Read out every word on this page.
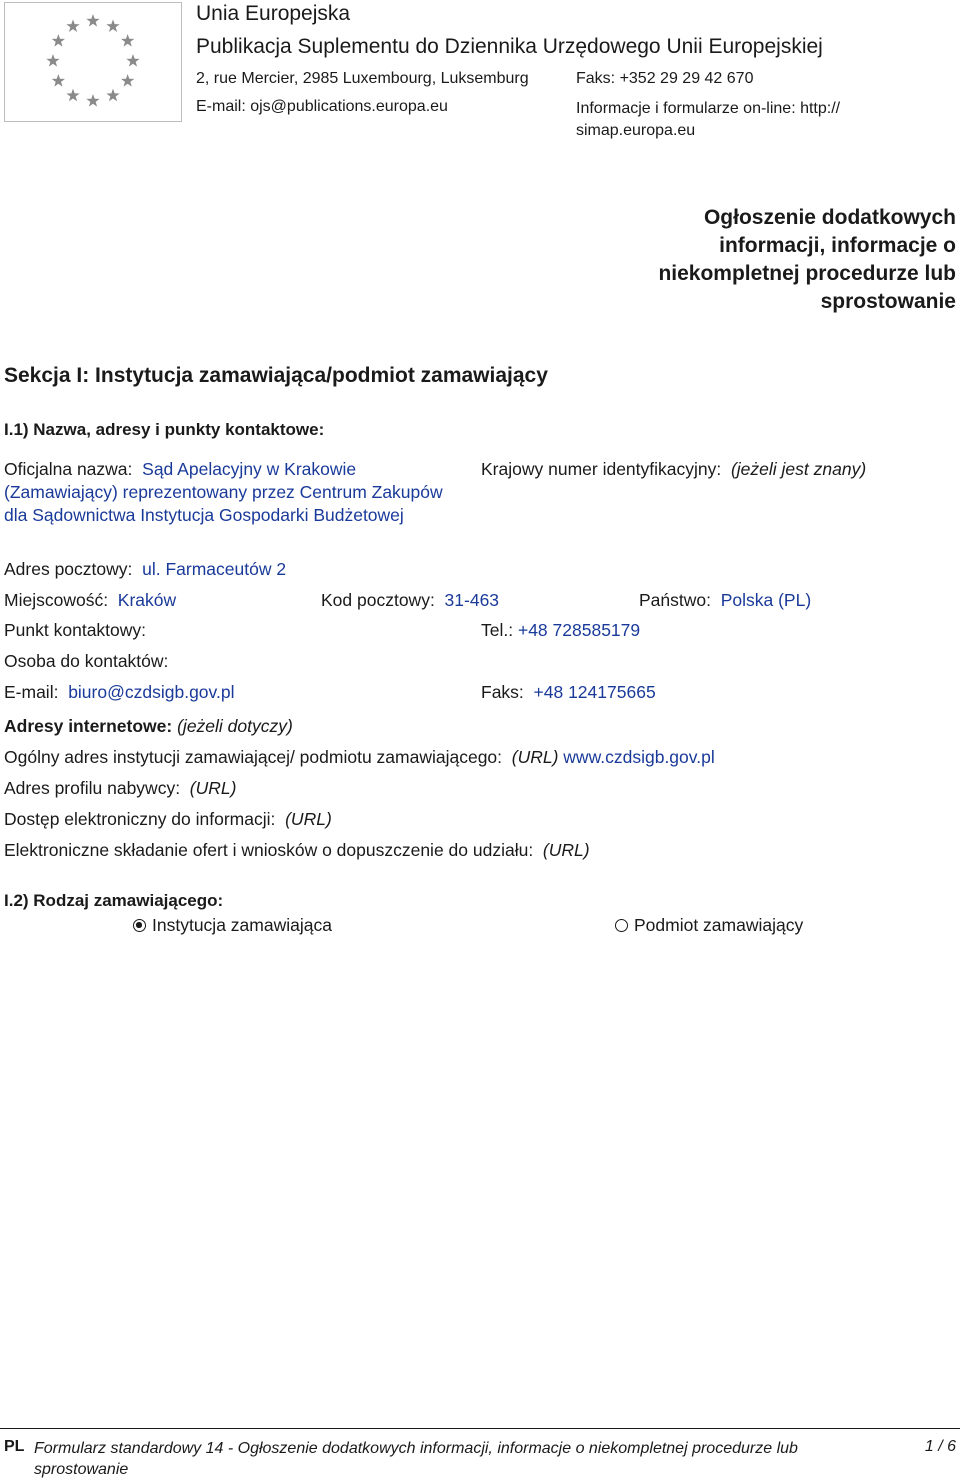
Unia Europejska
Publikacja Suplementu do Dziennika Urzędowego Unii Europejskiej
2, rue Mercier, 2985 Luxembourg, Luksemburg	Faks: +352 29 29 42 670
E-mail: ojs@publications.europa.eu	Informacje i formularze on-line: http:// simap.europa.eu
Ogłoszenie dodatkowych informacji, informacje o niekompletnej procedurze lub sprostowanie
Sekcja I: Instytucja zamawiająca/podmiot zamawiający
I.1) Nazwa, adresy i punkty kontaktowe:
Oficjalna nazwa: Sąd Apelacyjny w Krakowie (Zamawiający) reprezentowany przez Centrum Zakupów dla Sądownictwa Instytucja Gospodarki Budżetowej
Krajowy numer identyfikacyjny: (jeżeli jest znany)
Adres pocztowy: ul. Farmaceutów 2
Miejscowość: Kraków	Kod pocztowy: 31-463	Państwo: Polska (PL)
Punkt kontaktowy:	Tel.: +48 728585179
Osoba do kontaktów:
E-mail: biuro@czdsigb.gov.pl	Faks: +48 124175665
Adresy internetowe: (jeżeli dotyczy)
Ogólny adres instytucji zamawiającej/ podmiotu zamawiającego: (URL) www.czdsigb.gov.pl
Adres profilu nabywcy: (URL)
Dostęp elektroniczny do informacji: (URL)
Elektroniczne składanie ofert i wniosków o dopuszczenie do udziału: (URL)
I.2) Rodzaj zamawiającego:
Instytucja zamawiająca	Podmiot zamawiający
PL Formularz standardowy 14 - Ogłoszenie dodatkowych informacji, informacje o niekompletnej procedurze lub sprostowanie
1 / 6
